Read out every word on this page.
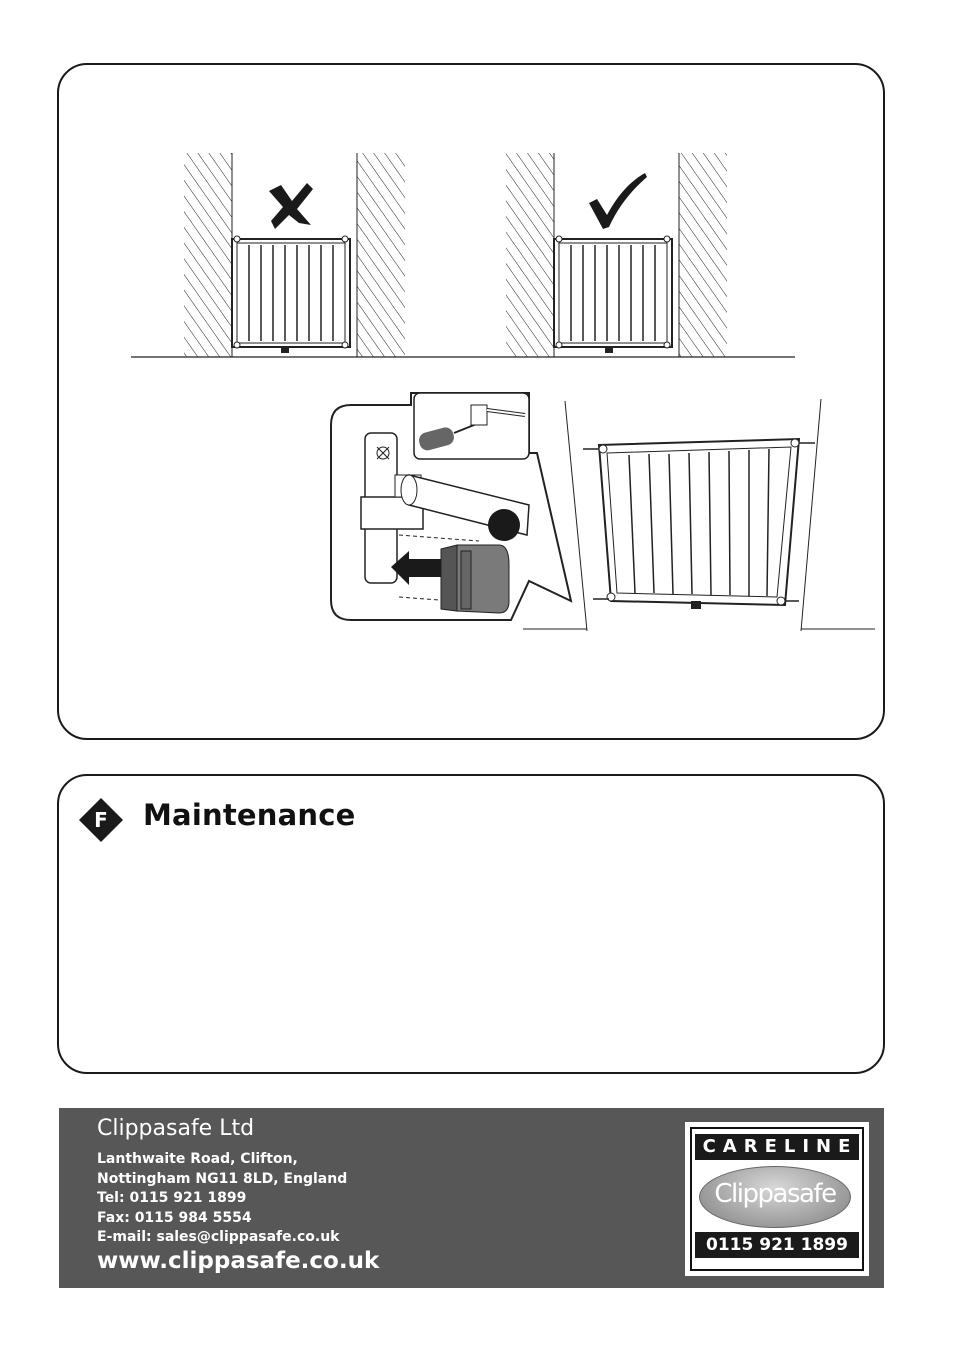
F	Maintenance
Clippasafe Ltd
Lanthwaite Road, Clifton,
Nottingham NG11 8LD, England
Tel: 0115 921 1899
Fax: 0115 984 5554
E-mail: sales@clippasafe.co.uk
www.clippasafe.co.uk
CARELINE
Clippasafe
0115 921 1899
